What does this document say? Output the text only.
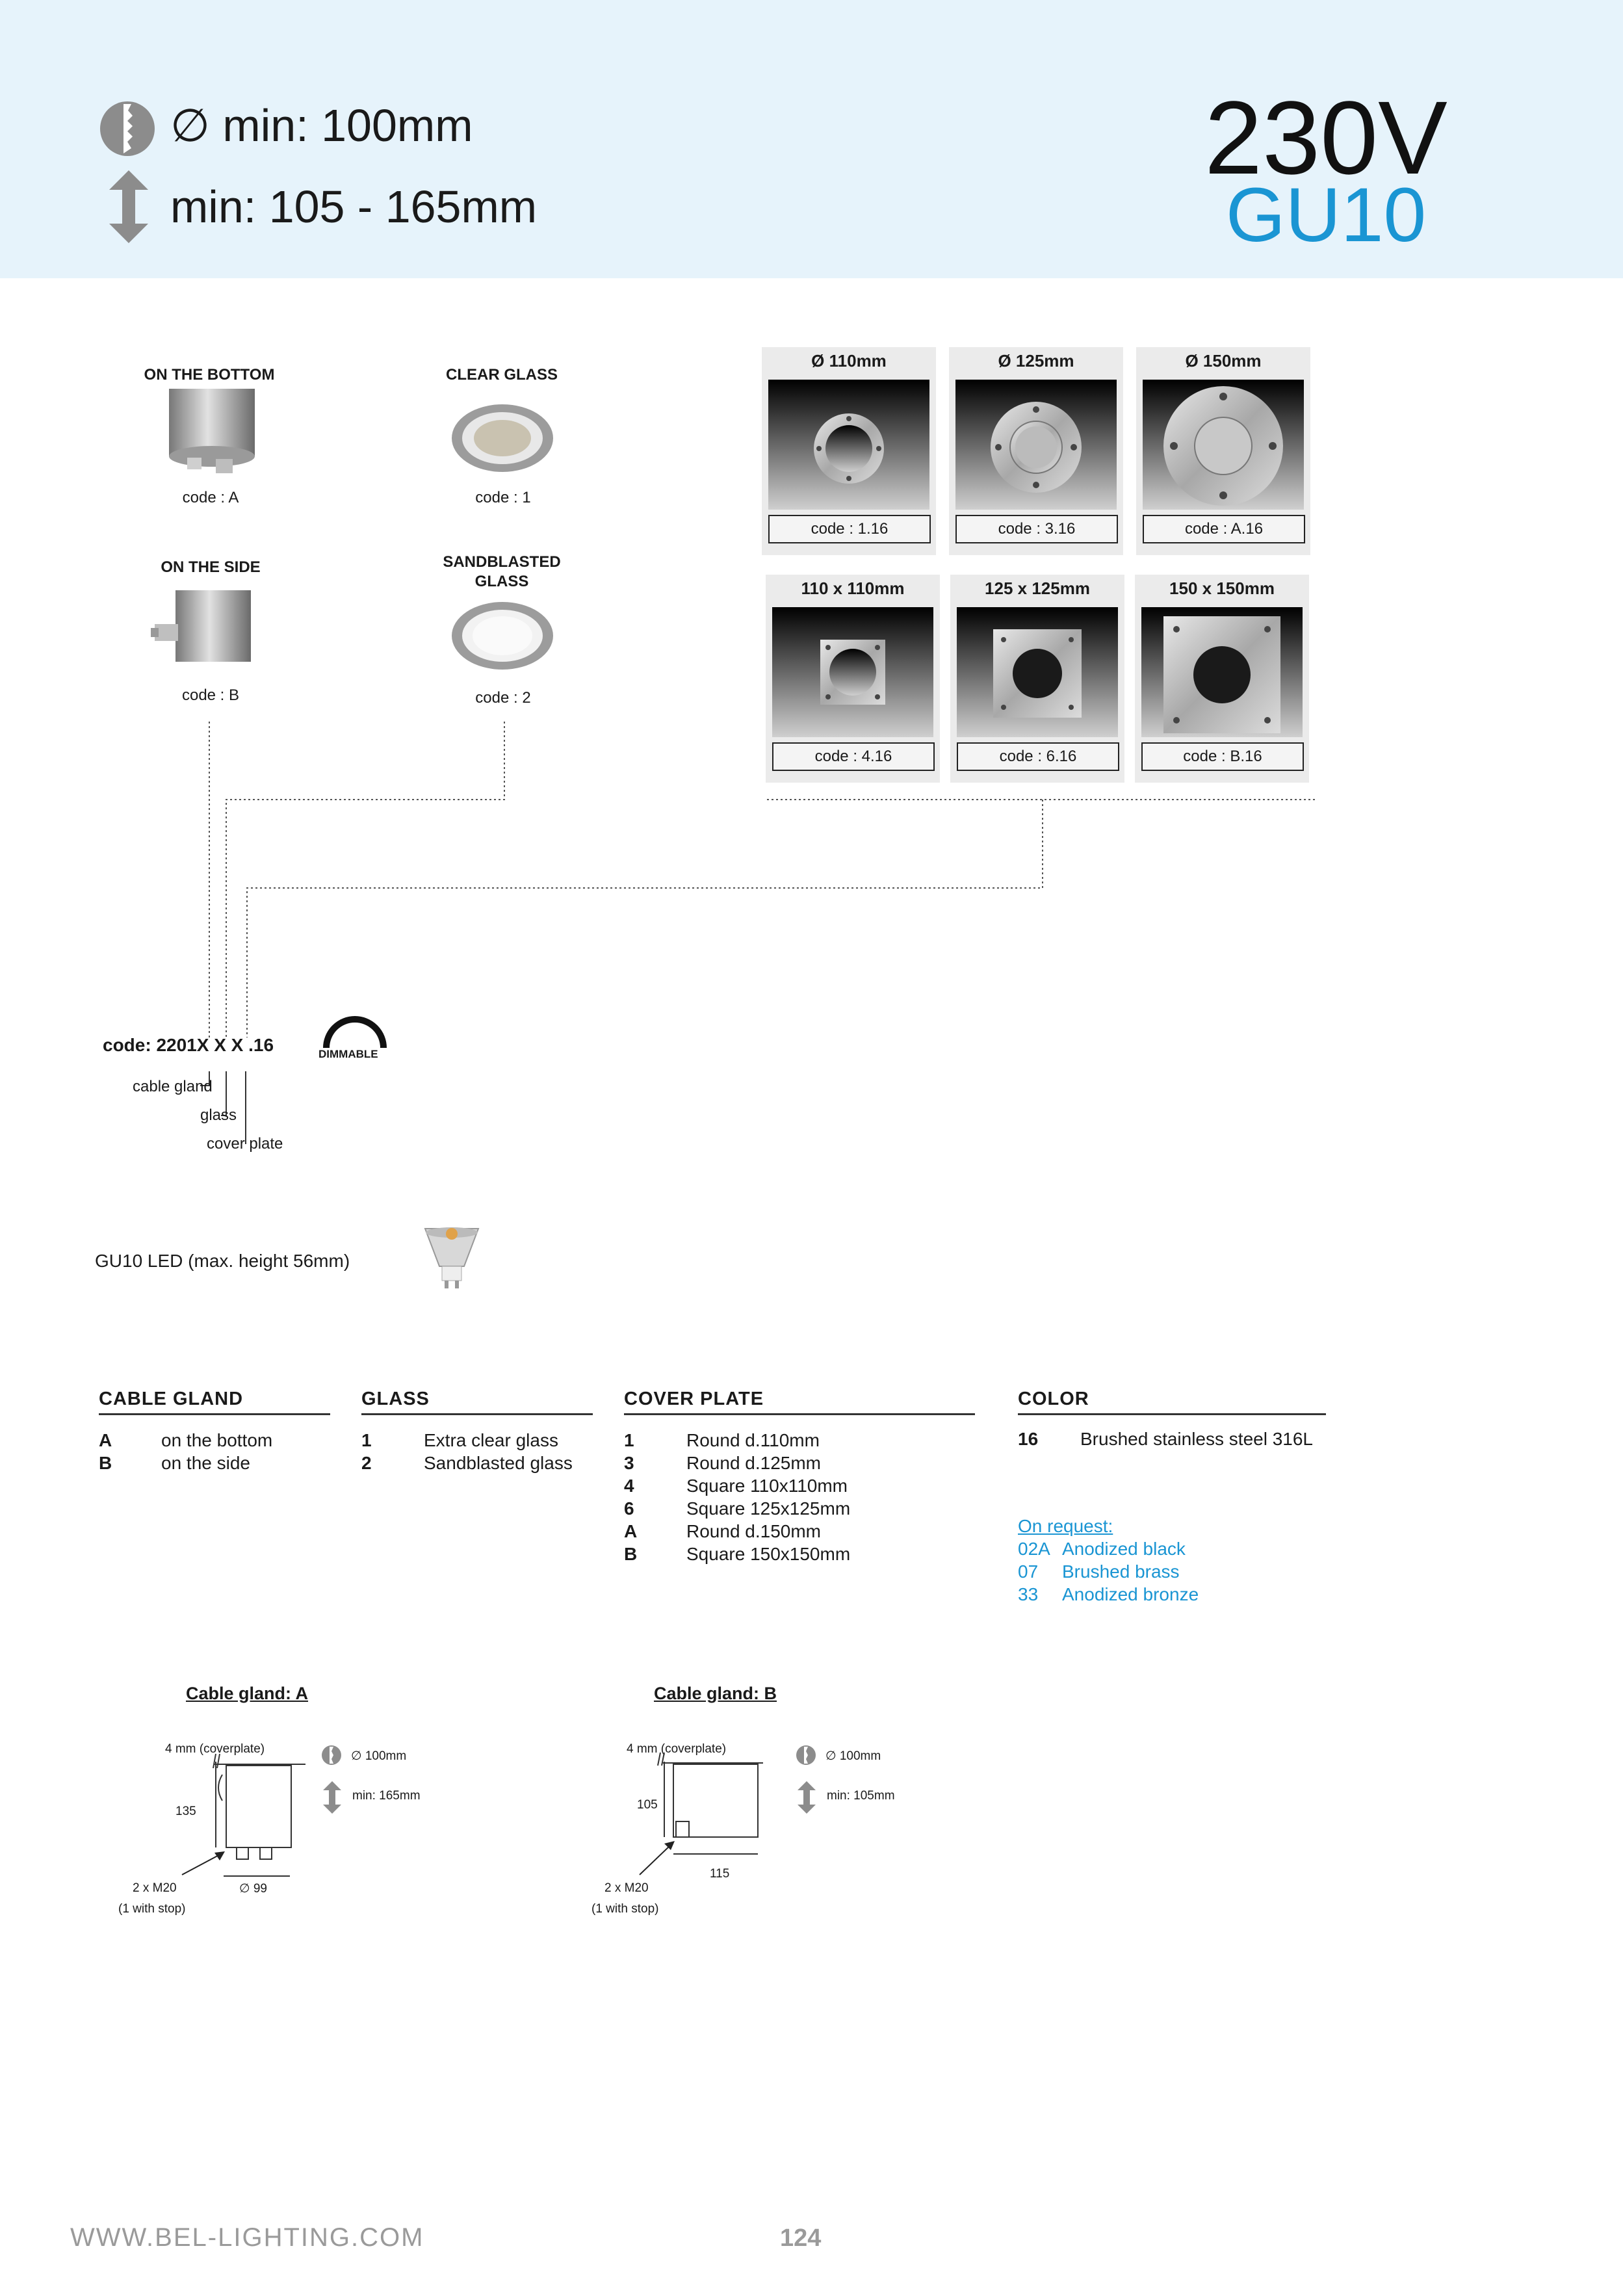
∅ min: 100mm
min: 105 - 165mm
230V
GU10
ON THE BOTTOM
code : A
ON THE SIDE
code : B
CLEAR GLASS
code : 1
SANDBLASTED
GLASS
code : 2
Ø 110mm
code : 1.16
Ø 125mm
code : 3.16
Ø 150mm
code : A.16
110 x 110mm
code : 4.16
125 x 125mm
code : 6.16
150 x 150mm
code : B.16
code: 2201X X X .16	DIMMABLE
cable gland
glass
cover plate
GU10 LED (max. height 56mm)
CABLE GLAND
A	on the bottom
B	on the side
GLASS
1	Extra clear glass
2	Sandblasted glass
COVER PLATE
1	Round d.110mm
3	Round d.125mm
4	Square 110x110mm
6	Square 125x125mm
A	Round d.150mm
B	Square 150x150mm
COLOR
16 Brushed stainless steel 316L
On request:
02A Anodized black
07 Brushed brass
33 Anodized bronze
Cable gland: A
4 mm (coverplate)
135
∅ 99
2 x M20
(1 with stop)
∅ 100mm
min: 165mm
Cable gland: B
4 mm (coverplate)
105
115
2 x M20
(1 with stop)
∅ 100mm
min: 105mm
WWW.BEL-LIGHTING.COM	124
